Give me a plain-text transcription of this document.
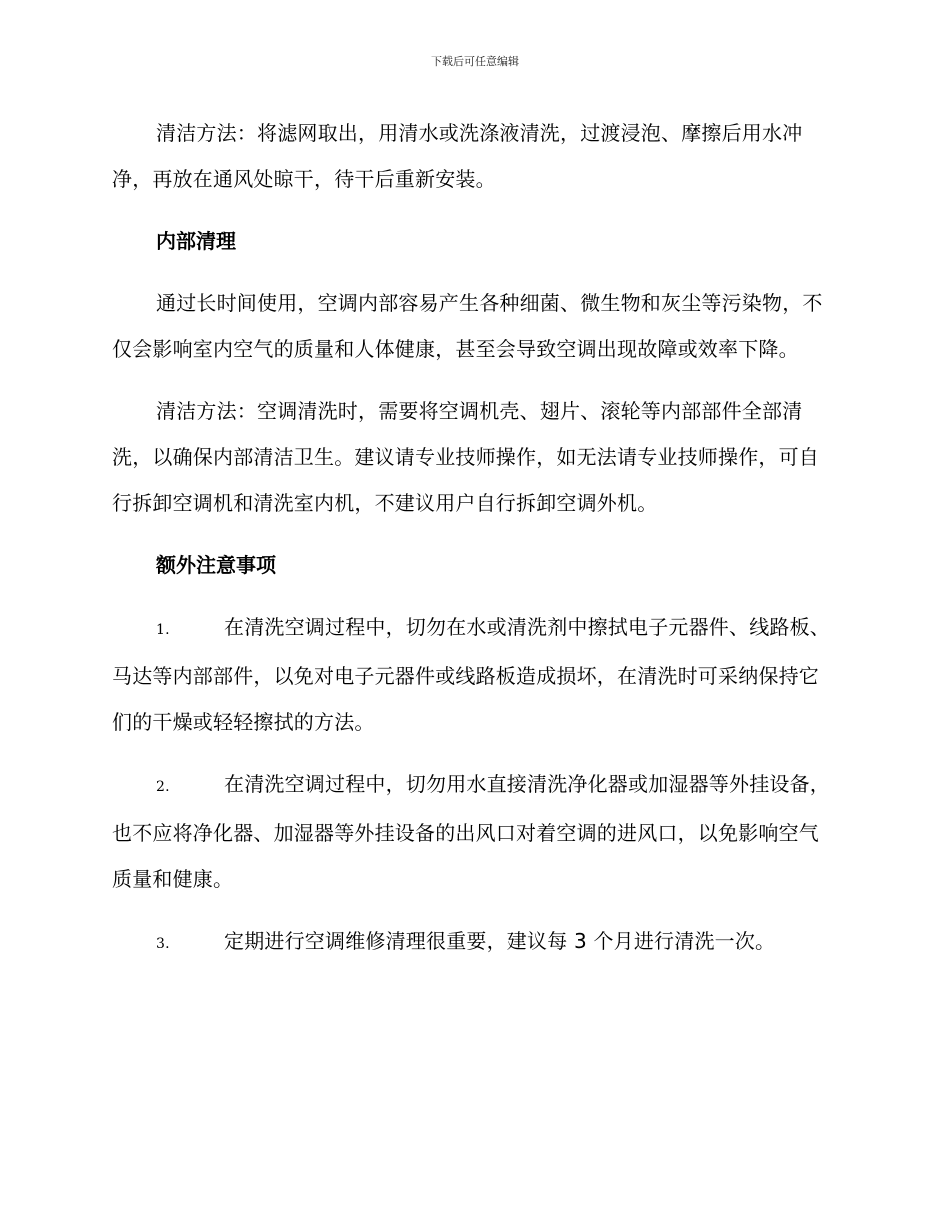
下载后可任意编辑

清洁方法：将滤网取出，用清水或洗涤液清洗，过渡浸泡、摩擦后用水冲净，再放在通风处晾干，待干后重新安装。

内部清理

通过长时间使用，空调内部容易产生各种细菌、微生物和灰尘等污染物，不仅会影响室内空气的质量和人体健康，甚至会导致空调出现故障或效率下降。

清洁方法：空调清洗时，需要将空调机壳、翅片、滚轮等内部部件全部清洗，以确保内部清洁卫生。建议请专业技师操作，如无法请专业技师操作，可自行拆卸空调机和清洗室内机，不建议用户自行拆卸空调外机。

额外注意事项

1.	在清洗空调过程中，切勿在水或清洗剂中擦拭电子元器件、线路板、马达等内部部件，以免对电子元器件或线路板造成损坏，在清洗时可采纳保持它们的干燥或轻轻擦拭的方法。

2.	在清洗空调过程中，切勿用水直接清洗净化器或加湿器等外挂设备，也不应将净化器、加湿器等外挂设备的出风口对着空调的进风口，以免影响空气质量和健康。

3.	定期进行空调维修清理很重要，建议每 3 个月进行清洗一次。
